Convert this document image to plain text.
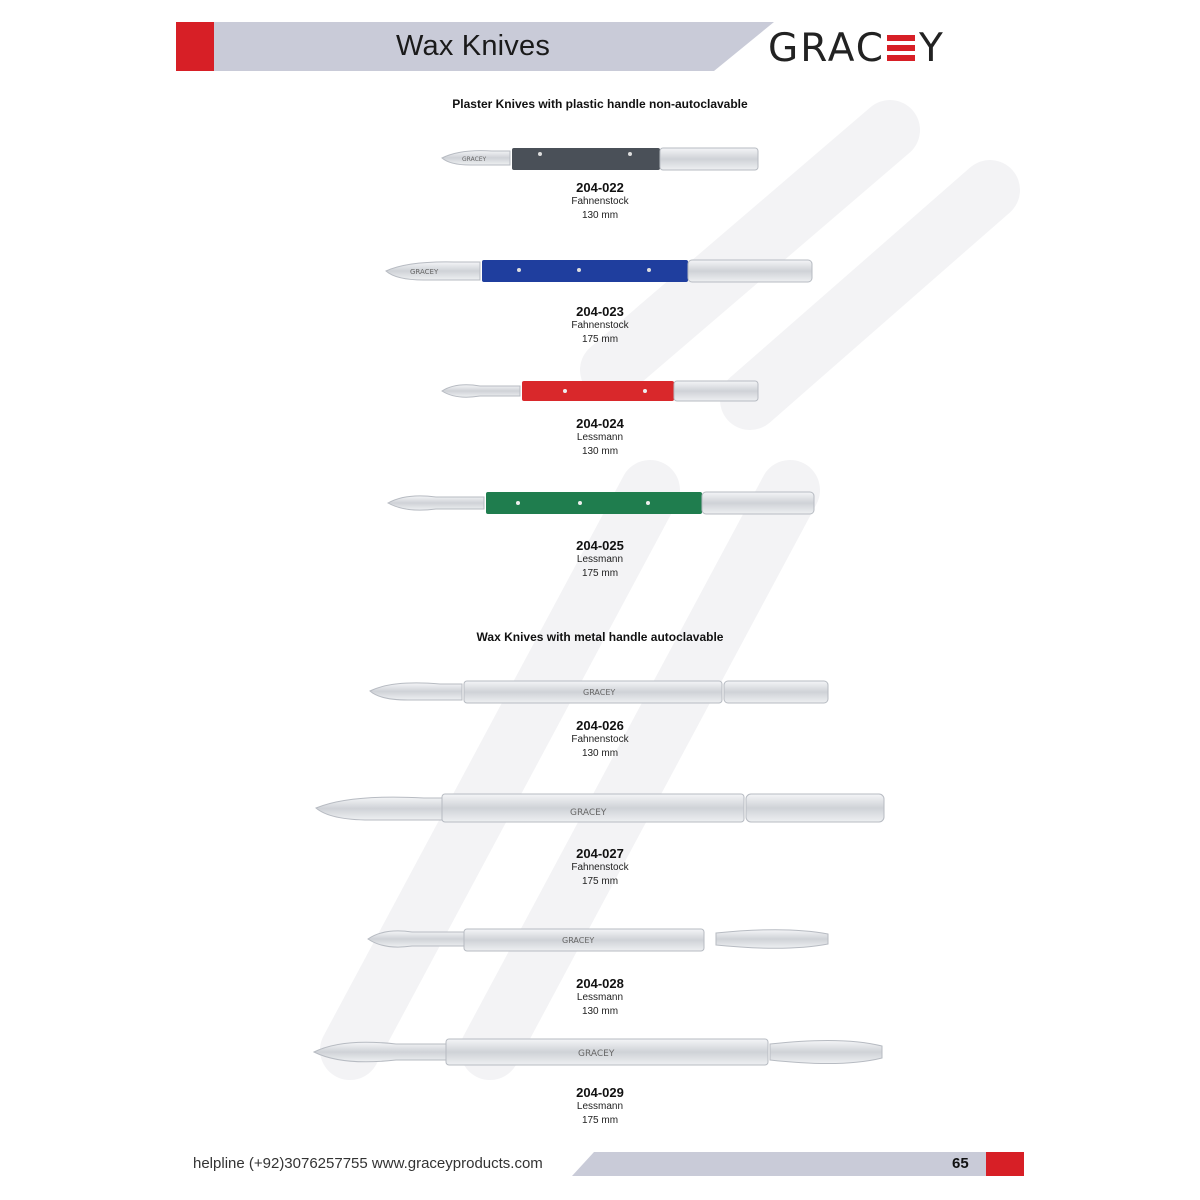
Wax Knives	GRAC Y
Plaster Knives with plastic handle non-autoclavable
GRACEY
204-022
Fahnenstock
130 mm
GRACEY
204-023
Fahnenstock
175 mm
204-024
Lessmann
130 mm
204-025
Lessmann
175 mm
Wax Knives with metal handle autoclavable
GRACEY
204-026
Fahnenstock
130 mm
GRACEY
204-027
Fahnenstock
175 mm
GRACEY
204-028
Lessmann
130 mm
GRACEY
204-029
Lessmann
175 mm
helpline (+92)3076257755 www.graceyproducts.com	65
